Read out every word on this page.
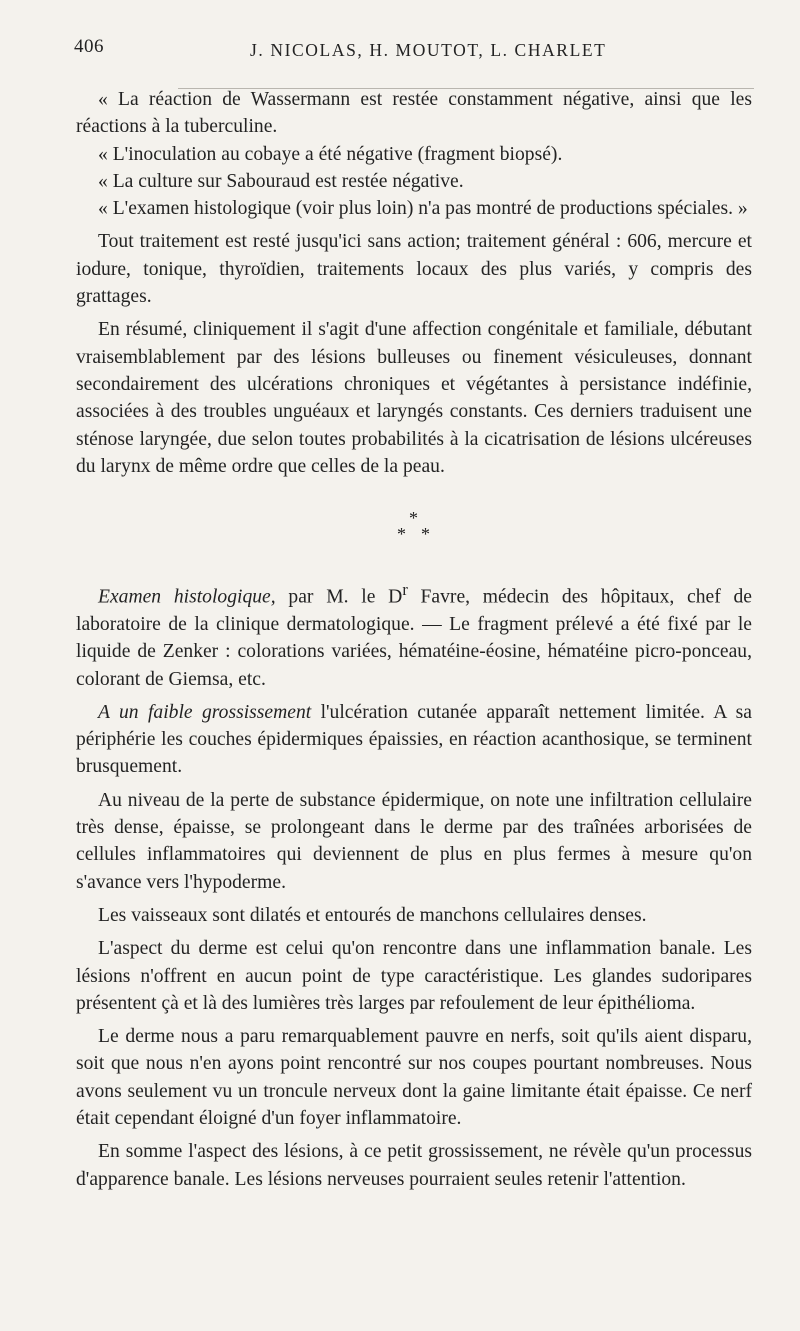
406	J. NICOLAS, H. MOUTOT, L. CHARLET

« La réaction de Wassermann est restée constamment négative, ainsi que les réactions à la tuberculine.

« L'inoculation au cobaye a été négative (fragment biopsé).

« La culture sur Sabouraud est restée négative.

« L'examen histologique (voir plus loin) n'a pas montré de productions spéciales. »

Tout traitement est resté jusqu'ici sans action; traitement général : 606, mercure et iodure, tonique, thyroïdien, traitements locaux des plus variés, y compris des grattages.

En résumé, cliniquement il s'agit d'une affection congénitale et familiale, débutant vraisemblablement par des lésions bulleuses ou finement vésiculeuses, donnant secondairement des ulcérations chroniques et végétantes à persistance indéfinie, associées à des troubles unguéaux et laryngés constants. Ces derniers traduisent une sténose laryngée, due selon toutes probabilités à la cicatrisation de lésions ulcéreuses du larynx de même ordre que celles de la peau.

*
* *

Examen histologique, par M. le $D^r$ Favre, médecin des hôpitaux, chef de laboratoire de la clinique dermatologique. — Le fragment prélevé a été fixé par le liquide de Zenker : colorations variées, hématéine-éosine, hématéine picro-ponceau, colorant de Giemsa, etc.

A un faible grossissement l'ulcération cutanée apparaît nettement limitée. A sa périphérie les couches épidermiques épaissies, en réaction acanthosique, se terminent brusquement.

Au niveau de la perte de substance épidermique, on note une infiltration cellulaire très dense, épaisse, se prolongeant dans le derme par des traînées arborisées de cellules inflammatoires qui deviennent de plus en plus fermes à mesure qu'on s'avance vers l'hypoderme.

Les vaisseaux sont dilatés et entourés de manchons cellulaires denses.

L'aspect du derme est celui qu'on rencontre dans une inflammation banale. Les lésions n'offrent en aucun point de type caractéristique. Les glandes sudoripares présentent çà et là des lumières très larges par refoulement de leur épithélioma.

Le derme nous a paru remarquablement pauvre en nerfs, soit qu'ils aient disparu, soit que nous n'en ayons point rencontré sur nos coupes pourtant nombreuses. Nous avons seulement vu un troncule nerveux dont la gaine limitante était épaisse. Ce nerf était cependant éloigné d'un foyer inflammatoire.

En somme l'aspect des lésions, à ce petit grossissement, ne révèle qu'un processus d'apparence banale. Les lésions nerveuses pourraient seules retenir l'attention.
